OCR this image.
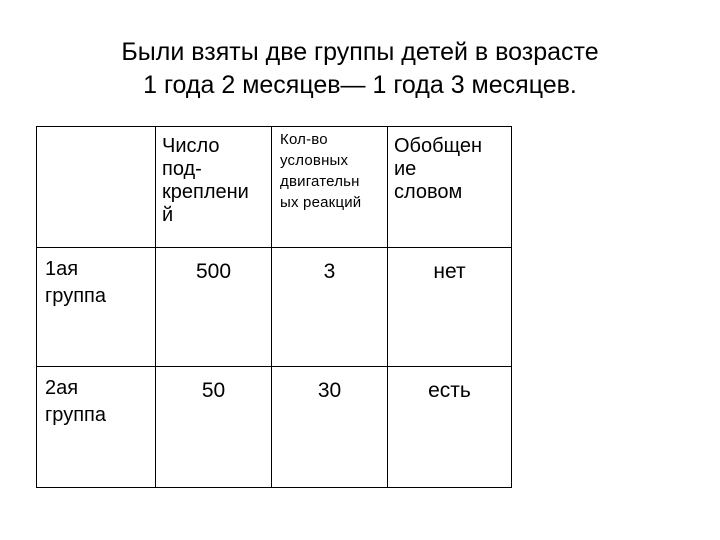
Были взяты две группы детей в возрасте
1 года 2 месяцев— 1 года 3 месяцев.

	Число
под-
креплени
й	Кол-во
условных
двигательн
ых реакций	Обобщен
ие
словом

1ая
группа	500	3	нет

2ая
группа	50	30	есть
